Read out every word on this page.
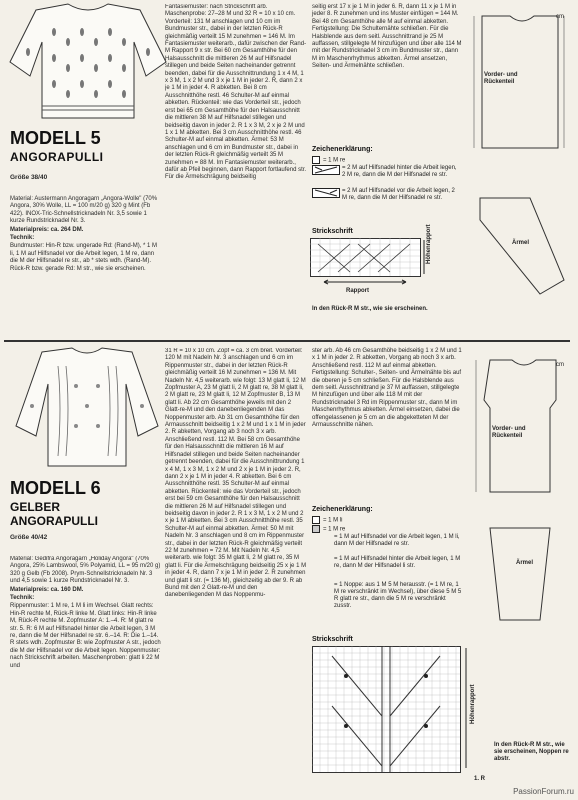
MODELL 5
ANGORAPULLI
Größe 38/40

Material: Austermann Angoragarn „Angora-Wolle" (70% Angora, 30% Wolle, LL = 100 m/20 g) 320 g Mint (Fb 422). INOX-Tric-Schnellstricknadeln Nr. 3,5 sowie 1 kurze Rundstricknadel Nr. 3.

Materialpreis: ca. 264 DM.

Technik:

Bundmuster: Hin-R bzw. ungerade Rd: (Rand-M), * 1 M li, 1 M auf Hilfsnadel vor die Arbeit legen, 1 M re, dann die M der Hilfsnadel re str., ab * stets wdh. (Rand-M). Rück-R bzw. gerade Rd: M str., wie sie erscheinen.

Fantasiemuster: nach Strickschrift arb. Maschenprobe: 27–28 M und 32 R = 10 x 10 cm. Vorderteil: 131 M anschlagen und 10 cm im Bundmuster str., dabei in der letzten Rück-R gleichmäßig verteilt 15 M zunehmen = 146 M. Im Fantasiemuster weiterarb., dafür zwischen der Rand-M Rapport 9 x str. Bei 60 cm Gesamthöhe für den Halsausschnitt die mittleren 26 M auf Hilfsnadel stillegen und beide Seiten nacheinander getrennt beenden, dabei für die Ausschnittrundung 1 x 4 M, 1 x 3 M, 1 x 2 M und 3 x je 1 M in jeder 2. R, dann 2 x je 1 M in jeder 4. R abketten. Bei 8 cm Ausschnitthöhe restl. 46 Schulter-M auf einmal abketten. Rückenteil: wie das Vorderteil str., jedoch erst bei 65 cm Gesamthöhe für den Halsausschnitt die mittleren 38 M auf Hilfsnadel stillegen und beidseitig davon in jeder 2. R 1 x 3 M, 2 x je 2 M und 1 x 1 M abketten. Bei 3 cm Ausschnitthöhe restl. 46 Schulter-M auf einmal abketten. Ärmel: 53 M anschlagen und 6 cm im Bundmuster str., dabei in der letzten Rück-R gleichmäßig verteilt 35 M zunehmen = 88 M. Im Fantasiemuster weiterarb., dafür ab Pfeil beginnen, dann Rapport fortlaufend str. Für die Ärmelschrägung beidseitig
seitig erst 17 x je 1 M in jeder 6. R, dann 11 x je 1 M in jeder 8. R zunehmen und ins Muster einfügen = 144 M. Bei 48 cm Gesamthöhe alle M auf einmal abketten. Fertigstellung: Die Schulternähte schließen. Für die Halsblende aus dem seitl. Ausschnittrand je 25 M auffassen, stillgelegte M hinzufügen und über alle 114 M mit der Rundstricknadel 3 cm im Bundmuster str., dann M im Maschenrhythmus abketten. Ärmel ansetzen, Seiten- und Ärmelnähte schließen.
Zeichenerklärung:
= 1 M re
= 2 M auf Hilfsnadel hinter die Arbeit legen, 2 M re, dann die M der Hilfsnadel re str.
= 2 M auf Hilfsnadel vor die Arbeit legen, 2 M re, dann die M der Hilfsnadel re str.
Strickschrift
Rapport
Höhenrapport
In den Rück-R M str., wie sie erscheinen.
Vorder- und Rückenteil
cm
Ärmel
MODELL 6
GELBER
ANGORAPULLI
Größe 40/42

Material: Gedifra Angoragarn „Holiday Angora" (70% Angora, 25% Lambswool, 5% Polyamid, LL = 95 m/20 g) 320 g Gelb (Fb 2008). Prym-Schnellstricknadeln Nr. 3 und 4,5 sowie 1 kurze Rundstricknadel Nr. 3.

Materialpreis: ca. 160 DM.

Technik:

Rippenmuster: 1 M re, 1 M li im Wechsel. Glatt rechts: Hin-R rechte M, Rück-R linke M. Glatt links: Hin-R linke M, Rück-R rechte M. Zopfmuster A: 1.–4. R: M glatt re str. 5. R: 6 M auf Hilfsnadel hinter die Arbeit legen, 3 M re, dann die M der Hilfsnadel re str. 6.–14. R: Die 1.–14. R stets wdh. Zopfmuster B: wie Zopfmuster A str., jedoch die M der Hilfsnadel vor die Arbeit legen. Noppenmuster: nach Strickschrift arbeiten. Maschenproben: glatt li 22 M und

31 R = 10 x 10 cm. Zopf = ca. 3 cm breit. Vorderteil: 120 M mit Nadeln Nr. 3 anschlagen und 6 cm im Rippenmuster str., dabei in der letzten Rück-R gleichmäßig verteilt 16 M zunehmen = 136 M. Mit Nadeln Nr. 4,5 weiterarb. wie folgt: 13 M glatt li, 12 M Zopfmuster A, 23 M glatt li, 2 M glatt re, 38 M glatt li, 2 M glatt re, 23 M glatt li, 12 M Zopfmuster B, 13 M glatt li. Ab 22 cm Gesamthöhe jeweils mit den 2 Glatt-re-M und den danebenliegenden M das Noppenmuster arb. Ab 31 cm Gesamthöhe für den Armausschnitt beidseitig 1 x 2 M und 1 x 1 M in jeder 2. R abketten, Vorgang ab 3 noch 3 x arb. Anschließend restl. 112 M. Bei 58 cm Gesamthöhe für den Halsausschnitt die mittleren 16 M auf Hilfsnadel stillegen und beide Seiten nacheinander getrennt beenden, dabei für die Ausschnittrundung 1 x 4 M, 1 x 3 M, 1 x 2 M und 2 x je 1 M in jeder 2. R, dann 2 x je 1 M in jeder 4. R abketten. Bei 6 cm Ausschnitthöhe restl. 35 Schulter-M auf einmal abketten. Rückenteil: wie das Vorderteil str., jedoch erst bei 59 cm Gesamthöhe für den Halsausschnitt die mittleren 26 M auf Hilfsnadel stillegen und beidseitig davon in jeder 2. R 1 x 3 M, 1 x 2 M und 2 x je 1 M abketten. Bei 3 cm Ausschnitthöhe restl. 35 Schulter-M auf einmal abketten. Ärmel: 50 M mit Nadeln Nr. 3 anschlagen und 8 cm im Rippenmuster str., dabei in der letzten Rück-R gleichmäßig verteilt 22 M zunehmen = 72 M. Mit Nadeln Nr. 4,5 weiterarb. wie folgt: 35 M glatt li, 2 M glatt re, 35 M glatt li. Für die Ärmelschrägung beidseitig 25 x je 1 M in jeder 4. R, dann 7 x je 1 M in jeder 2. R zunehmen und glatt li str. (= 136 M), gleichzeitig ab der 9. R ab Bund mit den 2 Glatt-re-M und den danebenliegenden M das Noppenmu-
ster arb. Ab 46 cm Gesamthöhe beidseitig 1 x 2 M und 1 x 1 M in jeder 2. R abketten, Vorgang ab noch 3 x arb. Anschließend restl. 112 M auf einmal abketten. Fertigstellung: Schulter-, Seiten- und Ärmelnähte bis auf die oberen je 5 cm schließen. Für die Halsblende aus dem seitl. Ausschnittrand je 37 M auffassen, stillgelegte M hinzufügen und über alle 118 M mit der Rundstricknadel 3 Rd im Rippenmuster str., dann M im Maschenrhythmus abketten. Ärmel einsetzen, dabei die offengelassenen je 5 cm an die abgeketteten M der Armausschnitte nähen.
Zeichenerklärung:
= 1 M li
= 1 M re
= 1 M auf Hilfsnadel vor die Arbeit legen, 1 M li, dann M der Hilfsnadel re str.
= 1 M auf Hilfsnadel hinter die Arbeit legen, 1 M re, dann M der Hilfsnadel li str.
= 1 Noppe: aus 1 M 5 M herausstr. (= 1 M re, 1 M re verschränkt im Wechsel), über diese 5 M 5 R glatt re str., dann die 5 M re verschränkt zusstr.
Strickschrift
Höhenrapport
1. R
In den Rück-R M str., wie sie erscheinen, Noppen re abstr.
Vorder- und Rückenteil
cm
Ärmel
PassionForum.ru
